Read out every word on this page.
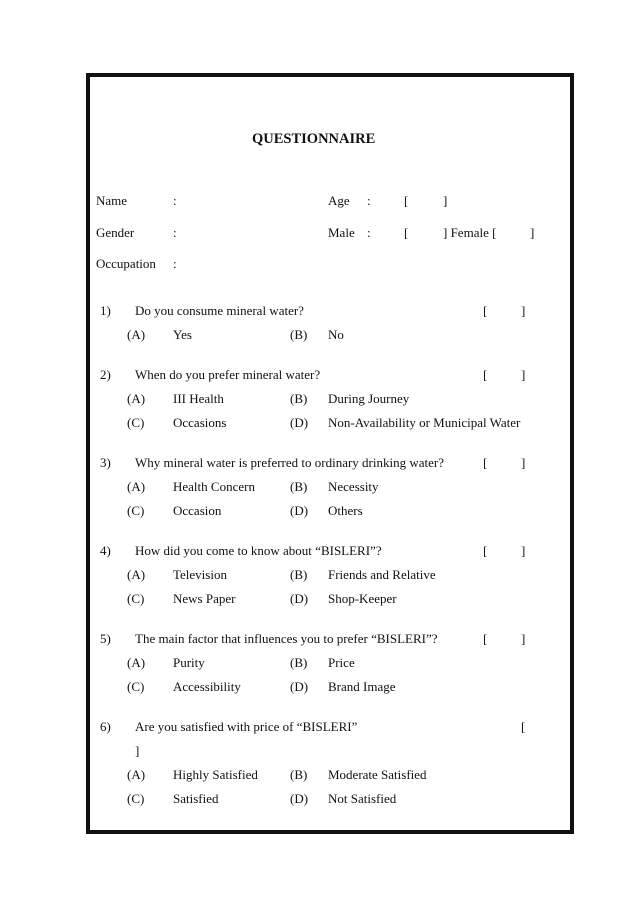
QUESTIONNAIRE
Name	:	Age :	[	]
Gender	:	Male :	[	] Female [	]
Occupation :
1) Do you consume mineral water?	[	]
(A) Yes	(B) No
2) When do you prefer mineral water?	[	]
(A) III Health	(B) During Journey
(C) Occasions	(D) Non-Availability or Municipal Water
3) Why mineral water is preferred to ordinary drinking water?	[	]
(A) Health Concern	(B) Necessity
(C) Occasion	(D) Others
4) How did you come to know about “BISLERI”?	[	]
(A) Television	(B) Friends and Relative
(C) News Paper	(D) Shop-Keeper
5) The main factor that influences you to prefer “BISLERI”?	[	]
(A) Purity	(B) Price
(C) Accessibility	(D) Brand Image
6) Are you satisfied with price of “BISLERI”	[
]
(A) Highly Satisfied (B) Moderate Satisfied
(C) Satisfied	(D) Not Satisfied
